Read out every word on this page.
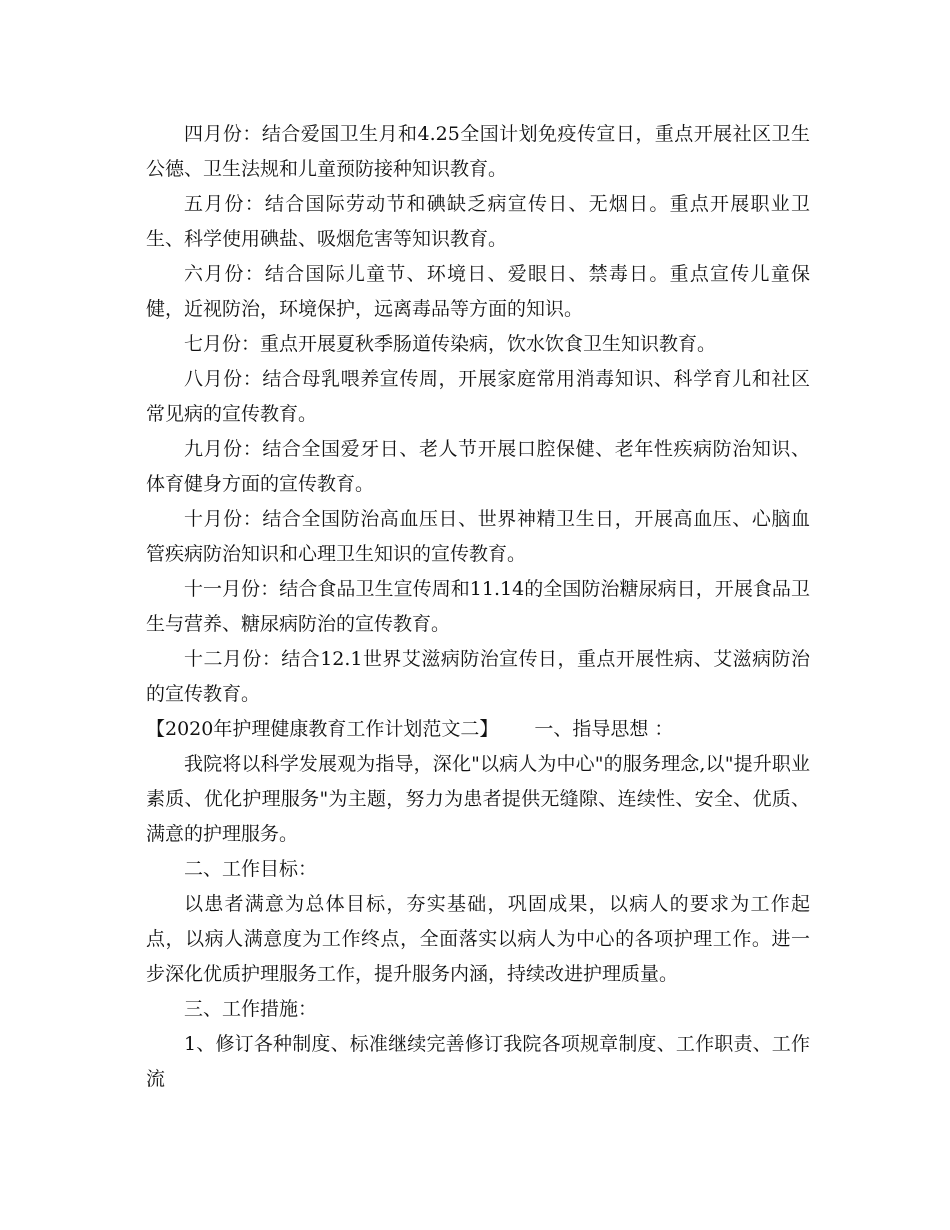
四月份：结合爱国卫生月和4.25全国计划免疫传宣日，重点开展社区卫生公德、卫生法规和儿童预防接种知识教育。

五月份：结合国际劳动节和碘缺乏病宣传日、无烟日。重点开展职业卫生、科学使用碘盐、吸烟危害等知识教育。

六月份：结合国际儿童节、环境日、爱眼日、禁毒日。重点宣传儿童保健，近视防治，环境保护，远离毒品等方面的知识。

七月份：重点开展夏秋季肠道传染病，饮水饮食卫生知识教育。

八月份：结合母乳喂养宣传周，开展家庭常用消毒知识、科学育儿和社区常见病的宣传教育。

九月份：结合全国爱牙日、老人节开展口腔保健、老年性疾病防治知识、体育健身方面的宣传教育。

十月份：结合全国防治高血压日、世界神精卫生日，开展高血压、心脑血管疾病防治知识和心理卫生知识的宣传教育。

十一月份：结合食品卫生宣传周和11.14的全国防治糖尿病日，开展食品卫生与营养、糖尿病防治的宣传教育。

十二月份：结合12.1世界艾滋病防治宣传日，重点开展性病、艾滋病防治的宣传教育。

【2020年护理健康教育工作计划范文二】 一、指导思想 ：

我院将以科学发展观为指导，深化"以病人为中心"的服务理念,以"提升职业素质、优化护理服务"为主题，努力为患者提供无缝隙、连续性、安全、优质、满意的护理服务。

二、工作目标：

以患者满意为总体目标，夯实基础，巩固成果，以病人的要求为工作起点，以病人满意度为工作终点，全面落实以病人为中心的各项护理工作。进一步深化优质护理服务工作，提升服务内涵，持续改进护理质量。

三、工作措施：

1、修订各种制度、标准继续完善修订我院各项规章制度、工作职责、工作流
